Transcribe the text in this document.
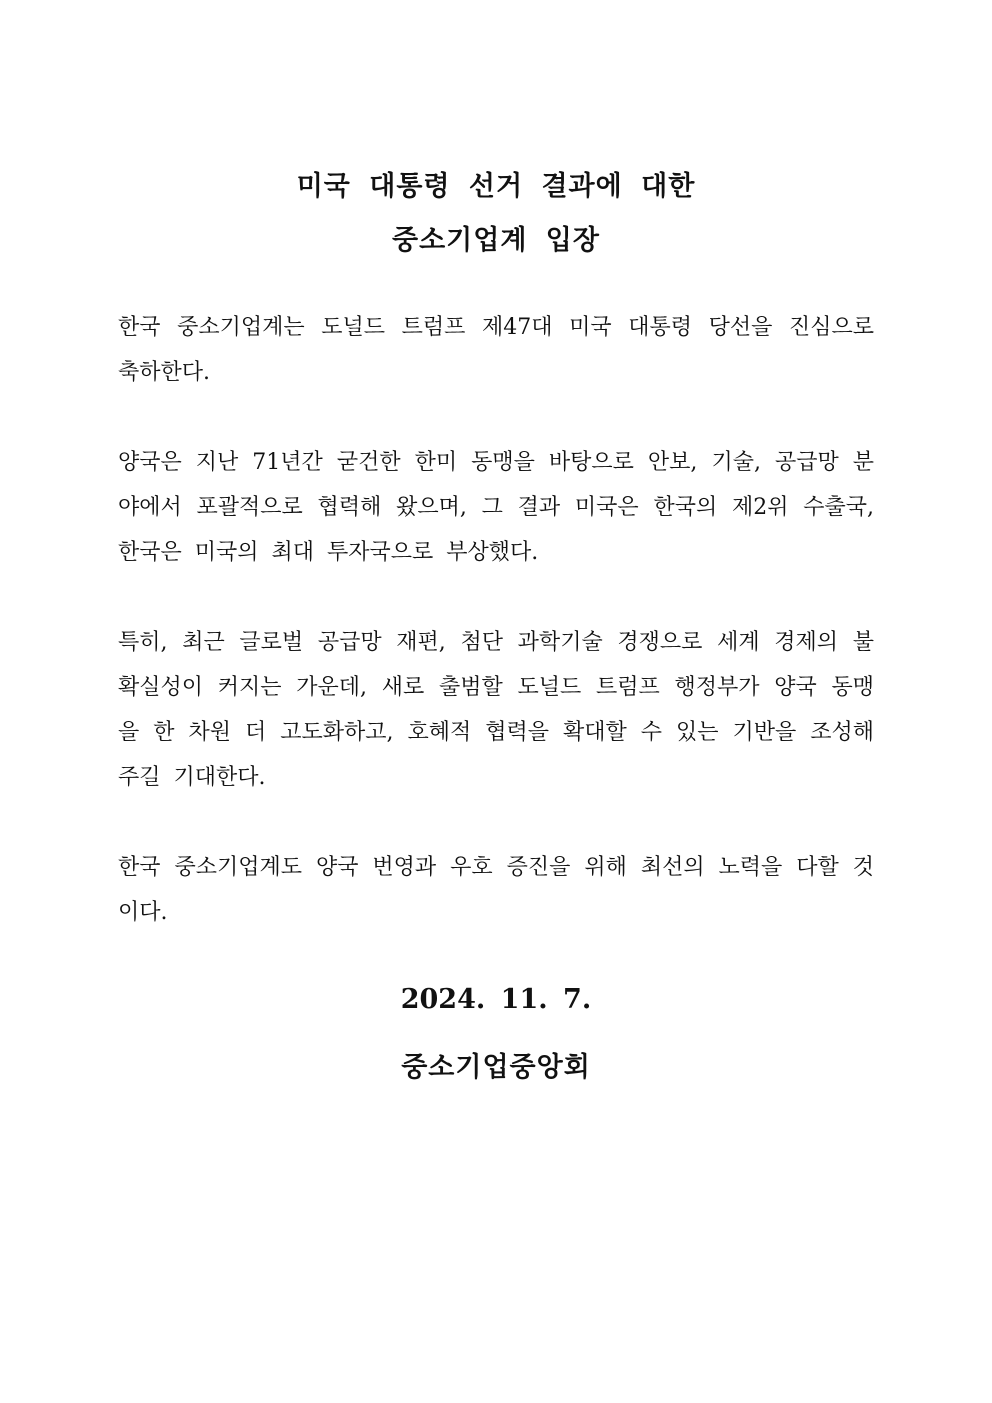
미국 대통령 선거 결과에 대한
중소기업계 입장

한국 중소기업계는 도널드 트럼프 제47대 미국 대통령 당선을 진심으로 축하한다.

양국은 지난 71년간 굳건한 한미 동맹을 바탕으로 안보, 기술, 공급망 분야에서 포괄적으로 협력해 왔으며, 그 결과 미국은 한국의 제2위 수출국, 한국은 미국의 최대 투자국으로 부상했다.

특히, 최근 글로벌 공급망 재편, 첨단 과학기술 경쟁으로 세계 경제의 불확실성이 커지는 가운데, 새로 출범할 도널드 트럼프 행정부가 양국 동맹을 한 차원 더 고도화하고, 호혜적 협력을 확대할 수 있는 기반을 조성해 주길 기대한다.

한국 중소기업계도 양국 번영과 우호 증진을 위해 최선의 노력을 다할 것이다.

2024. 11. 7.
중소기업중앙회
